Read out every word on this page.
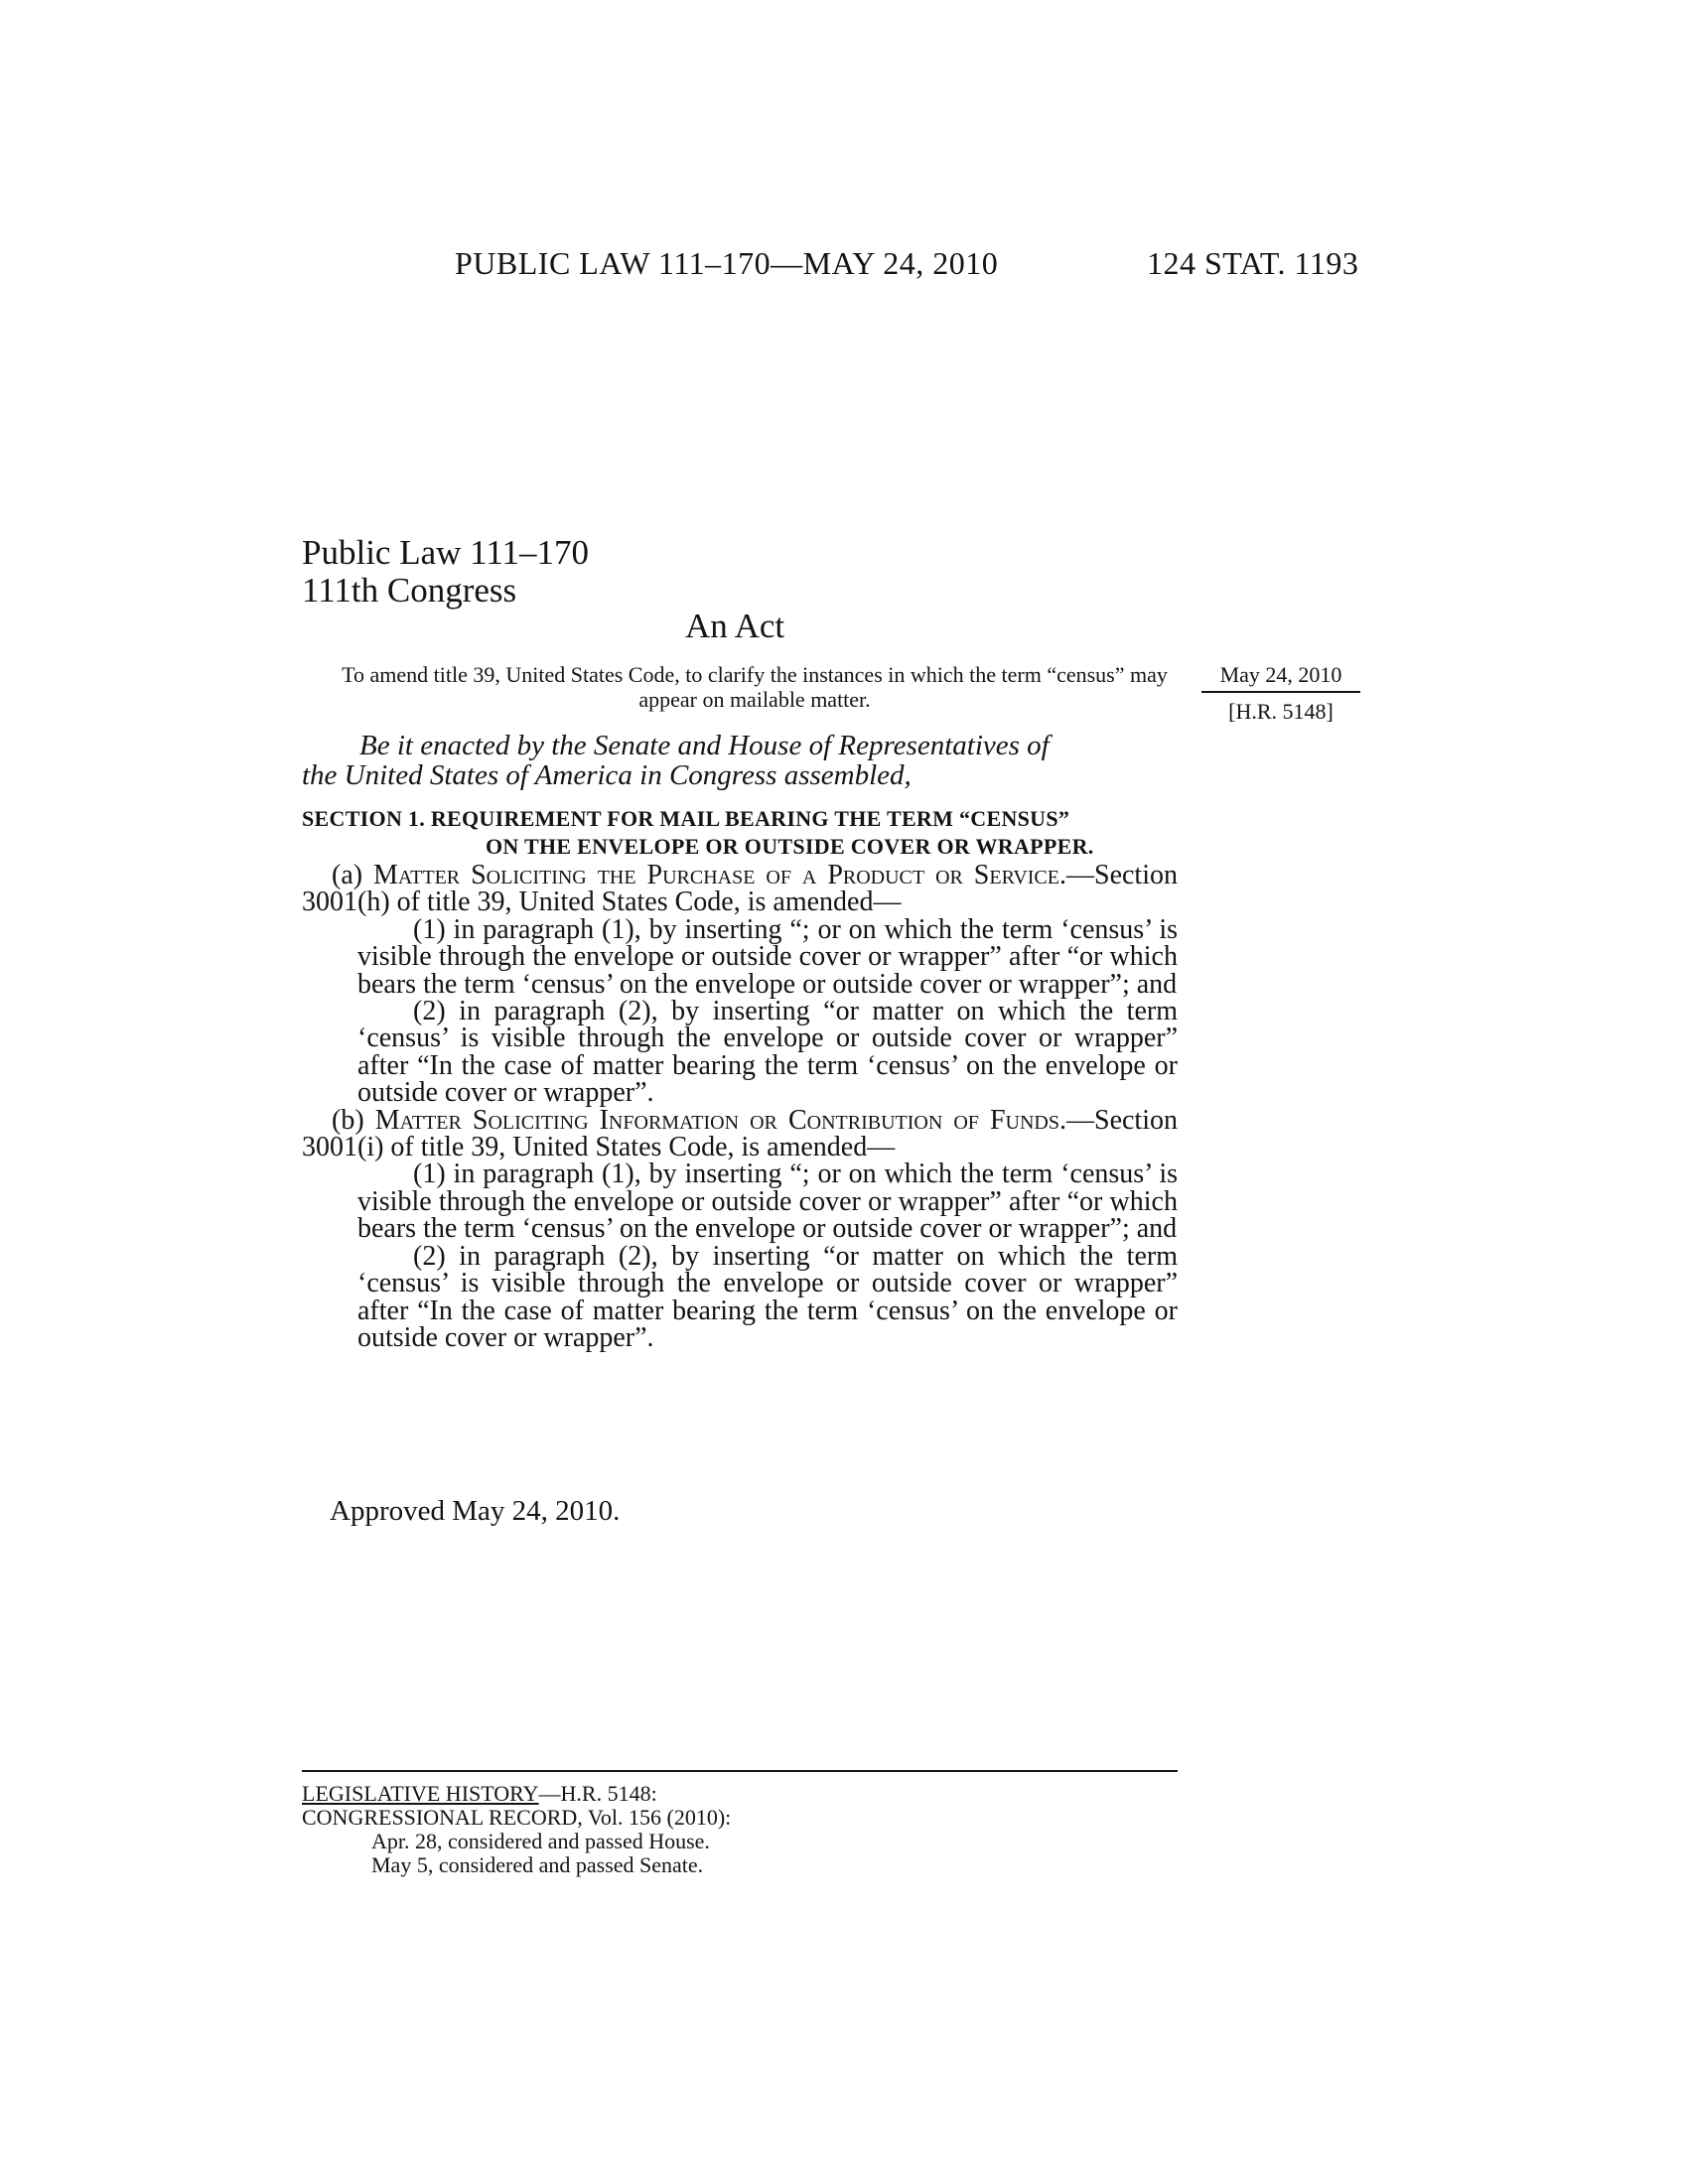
PUBLIC LAW 111–170—MAY 24, 2010	124 STAT. 1193
Public Law 111–170
111th Congress
An Act
To amend title 39, United States Code, to clarify the instances in which the term “census” may appear on mailable matter.
May 24, 2010
[H.R. 5148]
Be it enacted by the Senate and House of Representatives of
the United States of America in Congress assembled,
SECTION 1. REQUIREMENT FOR MAIL BEARING THE TERM “CENSUS”
ON THE ENVELOPE OR OUTSIDE COVER OR WRAPPER.

(a) Matter Soliciting the Purchase of a Product or Service.—Section 3001(h) of title 39, United States Code, is amended—

(1) in paragraph (1), by inserting “; or on which the term ‘census’ is visible through the envelope or outside cover or wrapper” after “or which bears the term ‘census’ on the envelope or outside cover or wrapper”; and

(2) in paragraph (2), by inserting “or matter on which the term ‘census’ is visible through the envelope or outside cover or wrapper” after “In the case of matter bearing the term ‘census’ on the envelope or outside cover or wrapper”.

(b) Matter Soliciting Information or Contribution of Funds.—Section 3001(i) of title 39, United States Code, is amended—

(1) in paragraph (1), by inserting “; or on which the term ‘census’ is visible through the envelope or outside cover or wrapper” after “or which bears the term ‘census’ on the envelope or outside cover or wrapper”; and

(2) in paragraph (2), by inserting “or matter on which the term ‘census’ is visible through the envelope or outside cover or wrapper” after “In the case of matter bearing the term ‘census’ on the envelope or outside cover or wrapper”.

Approved May 24, 2010.
LEGISLATIVE HISTORY—H.R. 5148:
CONGRESSIONAL RECORD, Vol. 156 (2010):
Apr. 28, considered and passed House.
May 5, considered and passed Senate.
